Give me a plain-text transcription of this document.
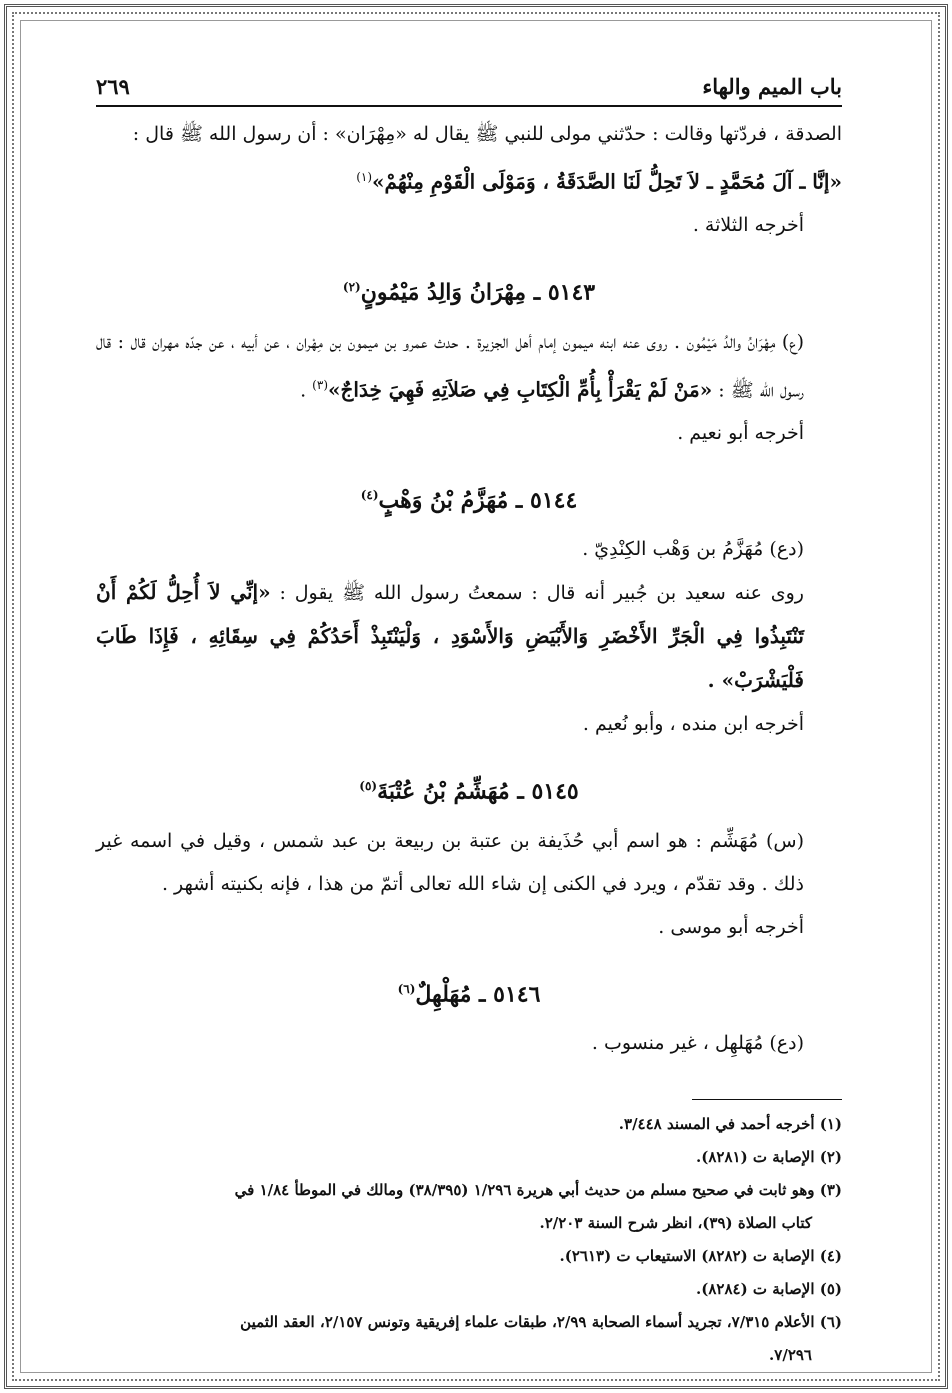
باب الميم والهاء
٢٦٩

الصدقة ، فردّتها وقالت : حدّثني مولى للنبي ﷺ يقال له «مِهْرَان» : أن رسول الله ﷺ قال :

«إنَّا ـ آلَ مُحَمَّدٍ ـ لاَ تَحِلُّ لَنَا الصَّدَقَةُ ، وَمَوْلَى الْقَوْمِ مِنْهُمْ»$^{(١)}$

أخرجه الثلاثة .

٥١٤٣ ـ مِهْرَانُ وَالِدُ مَيْمُونٍ$^{(٢)}$

(ع) مِهْرَانُ والدُ مَيْمُون . روى عنه ابنه ميمون إمام أهل الجزيرة . حدث عمرو بن ميمون بن مِهْران ، عن أبيه ، عن جدّه مهران قال : قال رسول الله ﷺ : «مَنْ لَمْ يَقْرَأْ بِأُمِّ الْكِتَابِ فِي صَلاَتِهِ فَهِيَ خِدَاجٌ»$^{(٣)}$ .

أخرجه أبو نعيم .

٥١٤٤ ـ مُهَزَّمُ بْنُ وَهْبٍ$^{(٤)}$

(دع) مُهَزَّمُ بن وَهْب الكِنْدِيّ .

روى عنه سعيد بن جُبير أنه قال : سمعتُ رسول الله ﷺ يقول : «إنِّي لاَ أُحِلُّ لَكُمْ أَنْ تَنْتَبِذُوا فِي الْجَرِّ الأَخْضَرِ وَالأَبْيَضِ وَالأَسْوَدِ ، وَلْيَنْتَبِذْ أَحَدُكُمْ فِي سِقَائِهِ ، فَإِذَا طَابَ فَلْيَشْرَبْ» .

أخرجه ابن منده ، وأبو نُعيم .

٥١٤٥ ـ مُهَشِّمُ بْنُ عُتْبَةَ$^{(٥)}$

(س) مُهَشِّم : هو اسم أبي حُذَيفة بن عتبة بن ربيعة بن عبد شمس ، وقيل في اسمه غير ذلك . وقد تقدّم ، ويرد في الكنى إن شاء الله تعالى أتمّ من هذا ، فإنه بكنيته أشهر .

أخرجه أبو موسى .

٥١٤٦ ـ مُهَلْهِلٌ$^{(٦)}$

(دع) مُهَلهِل ، غير منسوب .

(١) أخرجه أحمد في المسند ٣/٤٤٨.

(٢) الإصابة ت (٨٢٨١).

(٣) وهو ثابت في صحيح مسلم من حديث أبي هريرة ١/٢٩٦ (٣٨/٣٩٥) ومالك في الموطأ ١/٨٤ في

كتاب الصلاة (٣٩)، انظر شرح السنة ٢/٢٠٣.

(٤) الإصابة ت (٨٢٨٢) الاستيعاب ت (٢٦١٣).

(٥) الإصابة ت (٨٢٨٤).

(٦) الأعلام ٧/٣١٥، تجريد أسماء الصحابة ٢/٩٩، طبقات علماء إفريقية وتونس ٢/١٥٧، العقد الثمين

٧/٢٩٦.
